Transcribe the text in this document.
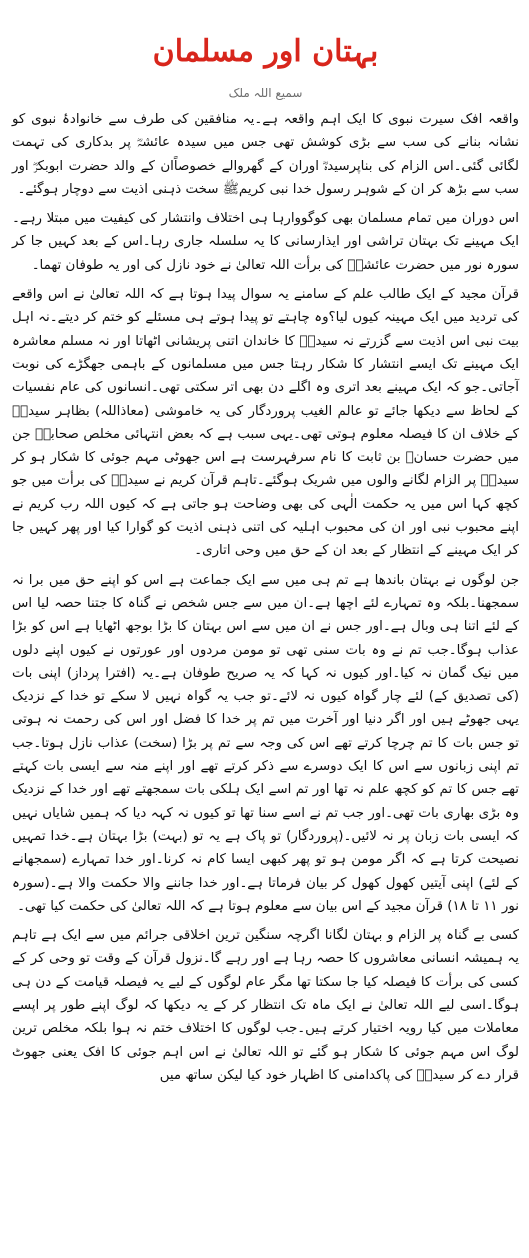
بہتان اور مسلمان
سمیع اللہ ملک

واقعہ افک سیرت نبوی کا ایک اہم واقعہ ہے۔یہ منافقین کی طرف سے خانوادۂ نبوی کو نشانہ بنانے کی سب سے بڑی کوشش تھی جس میں سیدہ عائشہؓ پر بدکاری کی تہمت لگائی گئی۔اس الزام کی بناپرسیدہؓ اوران کے گھروالے خصوصاًان کے والد حضرت ابوبکرؓ اور سب سے بڑھ کر ان کے شوہر رسول خدا نبی کریمﷺ سخت ذہنی اذیت سے دوچار ہوگئے۔

اس دوران میں تمام مسلمان بھی کوگووارہا ہی اختلاف وانتشار کی کیفیت میں مبتلا رہے۔ایک مہینے تک بہتان تراشی اور ایذارسانی کا یہ سلسلہ جاری رہا۔اس کے بعد کہیں جا کر سورہ نور میں حضرت عائشہؓ کی برأت اللہ تعالیٰ نے خود نازل کی اور یہ طوفان تھما۔

قرآن مجید کے ایک طالب علم کے سامنے یہ سوال پیدا ہوتا ہے کہ اللہ تعالیٰ نے اس واقعے کی تردید میں ایک مہینہ کیوں لیا؟وہ چاہتے تو پیدا ہوتے ہی مسئلے کو ختم کر دیتے۔نہ اہل بیت نبی اس اذیت سے گزرتے نہ سیدہؓ کا خاندان اتنی پریشانی اٹھاتا اور نہ مسلم معاشرہ ایک مہینے تک ایسے انتشار کا شکار رہتا جس میں مسلمانوں کے باہمی جھگڑے کی نوبت آجاتی۔جو کہ ایک مہینے بعد اتری وہ اگلے دن بھی اتر سکتی تھی۔انسانوں کی عام نفسیات کے لحاظ سے دیکھا جائے تو عالم الغیب پروردگار کی یہ خاموشی (معاذاللہ) بظاہر سیدہؓ کے خلاف ان کا فیصلہ معلوم ہوتی تھی۔یہی سبب ہے کہ بعض انتہائی مخلص صحابہؓ جن میں حضرت حسانؓ بن ثابت کا نام سرفہرست ہے اس جھوٹی مہم جوئی کا شکار ہو کر سیدہؓ پر الزام لگانے والوں میں شریک ہوگئے۔تاہم قرآن کریم نے سیدہؓ کی برأت میں جو کچھ کہا اس میں یہ حکمت الٰہی کی بھی وضاحت ہو جاتی ہے کہ کیوں اللہ رب کریم نے اپنے محبوب نبی اور ان کی محبوب اہلیہ کی اتنی ذہنی اذیت کو گوارا کیا اور پھر کہیں جا کر ایک مہینے کے انتظار کے بعد ان کے حق میں وحی اتاری۔

جن لوگوں نے بہتان باندھا ہے تم ہی میں سے ایک جماعت ہے اس کو اپنے حق میں برا نہ سمجھنا۔بلکہ وہ تمہارے لئے اچھا ہے۔ان میں سے جس شخص نے گناہ کا جتنا حصہ لیا اس کے لئے اتنا ہی وبال ہے۔اور جس نے ان میں سے اس بہتان کا بڑا بوجھ اٹھایا ہے اس کو بڑا عذاب ہوگا۔جب تم نے وہ بات سنی تھی تو مومن مردوں اور عورتوں نے کیوں اپنے دلوں میں نیک گمان نہ کیا۔اور کیوں نہ کہا کہ یہ صریح طوفان ہے۔یہ (افترا پرداز) اپنی بات (کی تصدیق کے) لئے چار گواہ کیوں نہ لائے۔تو جب یہ گواہ نہیں لا سکے تو خدا کے نزدیک یہی جھوٹے ہیں اور اگر دنیا اور آخرت میں تم پر خدا کا فضل اور اس کی رحمت نہ ہوتی تو جس بات کا تم چرچا کرتے تھے اس کی وجہ سے تم پر بڑا (سخت) عذاب نازل ہوتا۔جب تم اپنی زبانوں سے اس کا ایک دوسرے سے ذکر کرتے تھے اور اپنے منہ سے ایسی بات کہتے تھے جس کا تم کو کچھ علم نہ تھا اور تم اسے ایک ہلکی بات سمجھتے تھے اور خدا کے نزدیک وہ بڑی بھاری بات تھی۔اور جب تم نے اسے سنا تھا تو کیوں نہ کہہ دیا کہ ہمیں شایاں نہیں کہ ایسی بات زبان پر نہ لائیں۔(پروردگار) تو پاک ہے یہ تو (بہت) بڑا بہتان ہے۔خدا تمہیں نصیحت کرتا ہے کہ اگر مومن ہو تو پھر کبھی ایسا کام نہ کرنا۔اور خدا تمہارے (سمجھانے کے لئے) اپنی آیتیں کھول کھول کر بیان فرماتا ہے۔اور خدا جاننے والا حکمت والا ہے۔(سورہ نور ۱۱ تا ۱۸) قرآن مجید کے اس بیان سے معلوم ہوتا ہے کہ اللہ تعالیٰ کی حکمت کیا تھی۔

کسی بے گناہ پر الزام و بہتان لگانا اگرچہ سنگین ترین اخلاقی جرائم میں سے ایک ہے تاہم یہ ہمیشہ انسانی معاشروں کا حصہ رہا ہے اور رہے گا۔نزول قرآن کے وقت تو وحی کر کے کسی کی برأت کا فیصلہ کیا جا سکتا تھا مگر عام لوگوں کے لیے یہ فیصلہ قیامت کے دن ہی ہوگا۔اسی لیے اللہ تعالیٰ نے ایک ماہ تک انتظار کر کے یہ دیکھا کہ لوگ اپنے طور پر اپسے معاملات میں کیا رویہ اختیار کرتے ہیں۔جب لوگوں کا اختلاف ختم نہ ہوا بلکہ مخلص ترین لوگ اس مہم جوئی کا شکار ہو گئے تو اللہ تعالیٰ نے اس اہم جوئی کا افک یعنی جھوٹ قرار دے کر سیدہؓ کی پاکدامنی کا اظہار خود کیا لیکن ساتھ میں
